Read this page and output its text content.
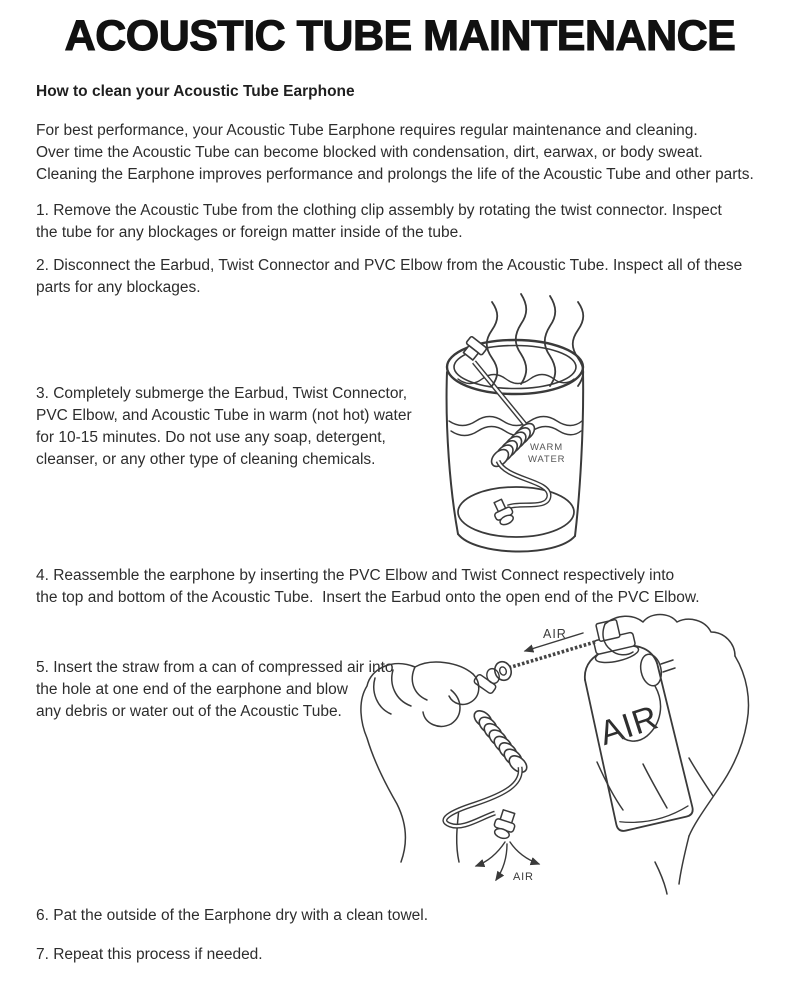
ACOUSTIC TUBE MAINTENANCE
How to clean your Acoustic Tube Earphone
For best performance, your Acoustic Tube Earphone requires regular maintenance and cleaning.
Over time the Acoustic Tube can become blocked with condensation, dirt, earwax, or body sweat.
Cleaning the Earphone improves performance and prolongs the life of the Acoustic Tube and other parts.
1. Remove the Acoustic Tube from the clothing clip assembly by rotating the twist connector. Inspect
the tube for any blockages or foreign matter inside of the tube.
2. Disconnect the Earbud, Twist Connector and PVC Elbow from the Acoustic Tube. Inspect all of these
parts for any blockages.
3. Completely submerge the Earbud, Twist Connector,
PVC Elbow, and Acoustic Tube in warm (not hot) water
for 10-15 minutes. Do not use any soap, detergent,
cleanser, or any other type of cleaning chemicals.
4. Reassemble the earphone by inserting the PVC Elbow and Twist Connect respectively into
the top and bottom of the Acoustic Tube.  Insert the Earbud onto the open end of the PVC Elbow.
5. Insert the straw from a can of compressed air into
the hole at one end of the earphone and blow
any debris or water out of the Acoustic Tube.
6. Pat the outside of the Earphone dry with a clean towel.
7. Repeat this process if needed.
WARM
WATER
AIR
AIR
AIR
